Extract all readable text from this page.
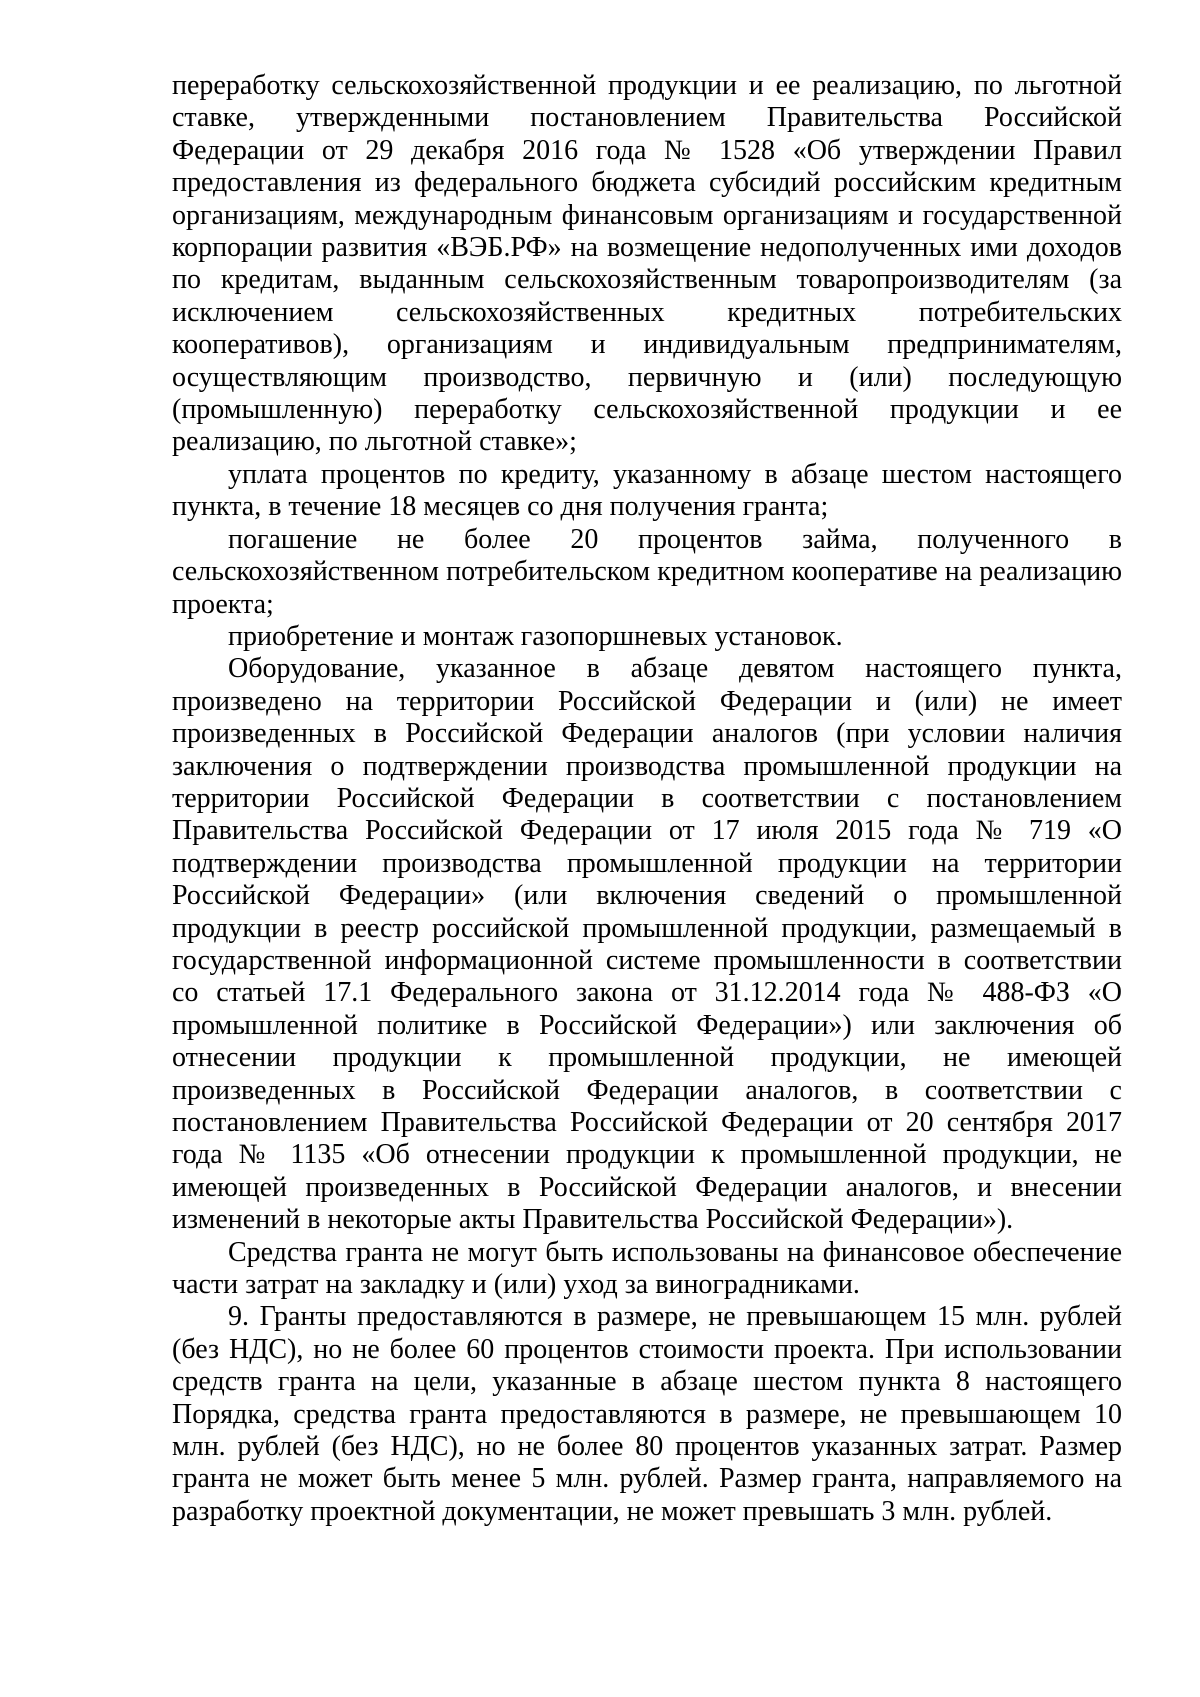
переработку сельскохозяйственной продукции и ее реализацию, по льготной ставке, утвержденными постановлением Правительства Российской Федерации от 29 декабря 2016 года № 1528 «Об утверждении Правил предоставления из федерального бюджета субсидий российским кредитным организациям, международным финансовым организациям и государственной корпорации развития «ВЭБ.РФ» на возмещение недополученных ими доходов по кредитам, выданным сельскохозяйственным товаропроизводителям (за исключением сельскохозяйственных кредитных потребительских кооперативов), организациям и индивидуальным предпринимателям, осуществляющим производство, первичную и (или) последующую (промышленную) переработку сельскохозяйственной продукции и ее реализацию, по льготной ставке»;

уплата процентов по кредиту, указанному в абзаце шестом настоящего пункта, в течение 18 месяцев со дня получения гранта;

погашение не более 20 процентов займа, полученного в сельскохозяйственном потребительском кредитном кооперативе на реализацию проекта;

приобретение и монтаж газопоршневых установок.

Оборудование, указанное в абзаце девятом настоящего пункта, произведено на территории Российской Федерации и (или) не имеет произведенных в Российской Федерации аналогов (при условии наличия заключения о подтверждении производства промышленной продукции на территории Российской Федерации в соответствии с постановлением Правительства Российской Федерации от 17 июля 2015 года № 719 «О подтверждении производства промышленной продукции на территории Российской Федерации» (или включения сведений о промышленной продукции в реестр российской промышленной продукции, размещаемый в государственной информационной системе промышленности в соответствии со статьей 17.1 Федерального закона от 31.12.2014 года № 488-ФЗ «О промышленной политике в Российской Федерации») или заключения об отнесении продукции к промышленной продукции, не имеющей произведенных в Российской Федерации аналогов, в соответствии с постановлением Правительства Российской Федерации от 20 сентября 2017 года № 1135 «Об отнесении продукции к промышленной продукции, не имеющей произведенных в Российской Федерации аналогов, и внесении изменений в некоторые акты Правительства Российской Федерации»).

Средства гранта не могут быть использованы на финансовое обеспечение части затрат на закладку и (или) уход за виноградниками.

9. Гранты предоставляются в размере, не превышающем 15 млн. рублей (без НДС), но не более 60 процентов стоимости проекта. При использовании средств гранта на цели, указанные в абзаце шестом пункта 8 настоящего Порядка, средства гранта предоставляются в размере, не превышающем 10 млн. рублей (без НДС), но не более 80 процентов указанных затрат. Размер гранта не может быть менее 5 млн. рублей. Размер гранта, направляемого на разработку проектной документации, не может превышать 3 млн. рублей.
